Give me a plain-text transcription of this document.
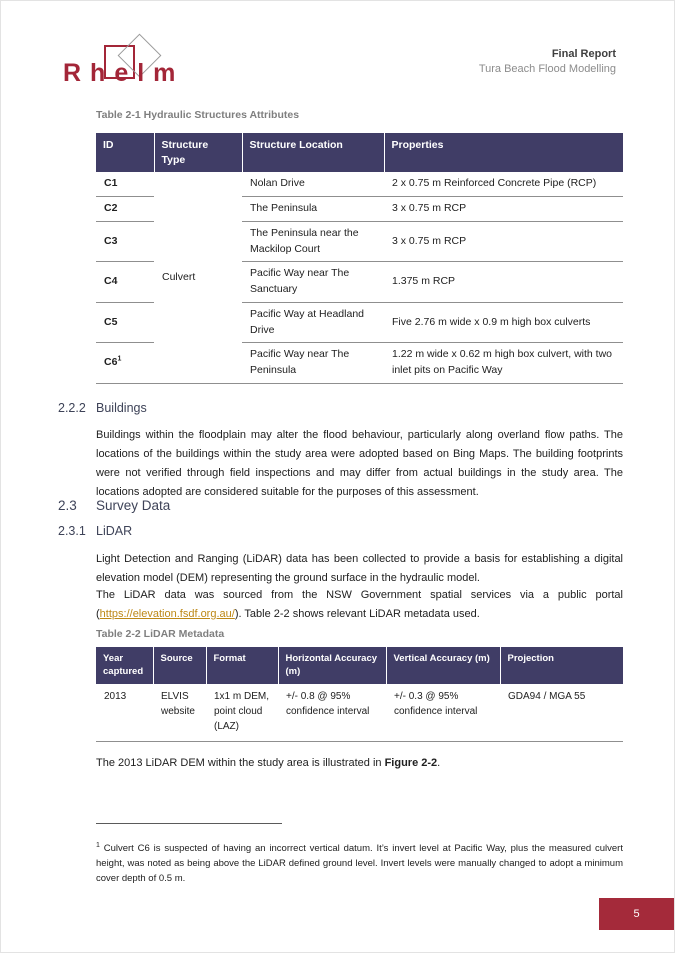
Rhelm
Final Report
Tura Beach Flood Modelling
Table 2-1 Hydraulic Structures Attributes
ID	Structure Type	Structure Location	Properties
C1	Culvert	Nolan Drive	2 x 0.75 m Reinforced Concrete Pipe (RCP)
C2		The Peninsula	3 x 0.75 m RCP
C3		The Peninsula near the Mackilop Court	3 x 0.75 m RCP
C4		Pacific Way near The Sanctuary	1.375 m RCP
C5		Pacific Way at Headland Drive	Five 2.76 m wide x 0.9 m high box culverts
$C6^1$		Pacific Way near The Peninsula	1.22 m wide x 0.62 m high box culvert, with two inlet pits on Pacific Way
2.2.2 Buildings

Buildings within the floodplain may alter the flood behaviour, particularly along overland flow paths. The locations of the buildings within the study area were adopted based on Bing Maps. The building footprints were not verified through field inspections and may differ from actual buildings in the study area. The locations adopted are considered suitable for the purposes of this assessment.

2.3 Survey Data
2.3.1 LiDAR

Light Detection and Ranging (LiDAR) data has been collected to provide a basis for establishing a digital elevation model (DEM) representing the ground surface in the hydraulic model.

The LiDAR data was sourced from the NSW Government spatial services via a public portal (https://elevation.fsdf.org.au/). Table 2-2 shows relevant LiDAR metadata used.

Table 2-2 LiDAR Metadata
Year captured	Source	Format	Horizontal Accuracy (m)	Vertical Accuracy (m)	Projection
2013	ELVIS website	1x1 m DEM, point cloud (LAZ)	+/- 0.8 @ 95% confidence interval	+/- 0.3 @ 95% confidence interval	GDA94 / MGA 55

The 2013 LiDAR DEM within the study area is illustrated in Figure 2-2.

$^1$ Culvert C6 is suspected of having an incorrect vertical datum. It’s invert level at Pacific Way, plus the measured culvert height, was noted as being above the LiDAR defined ground level. Invert levels were manually changed to adopt a minimum cover depth of 0.5 m.

5
